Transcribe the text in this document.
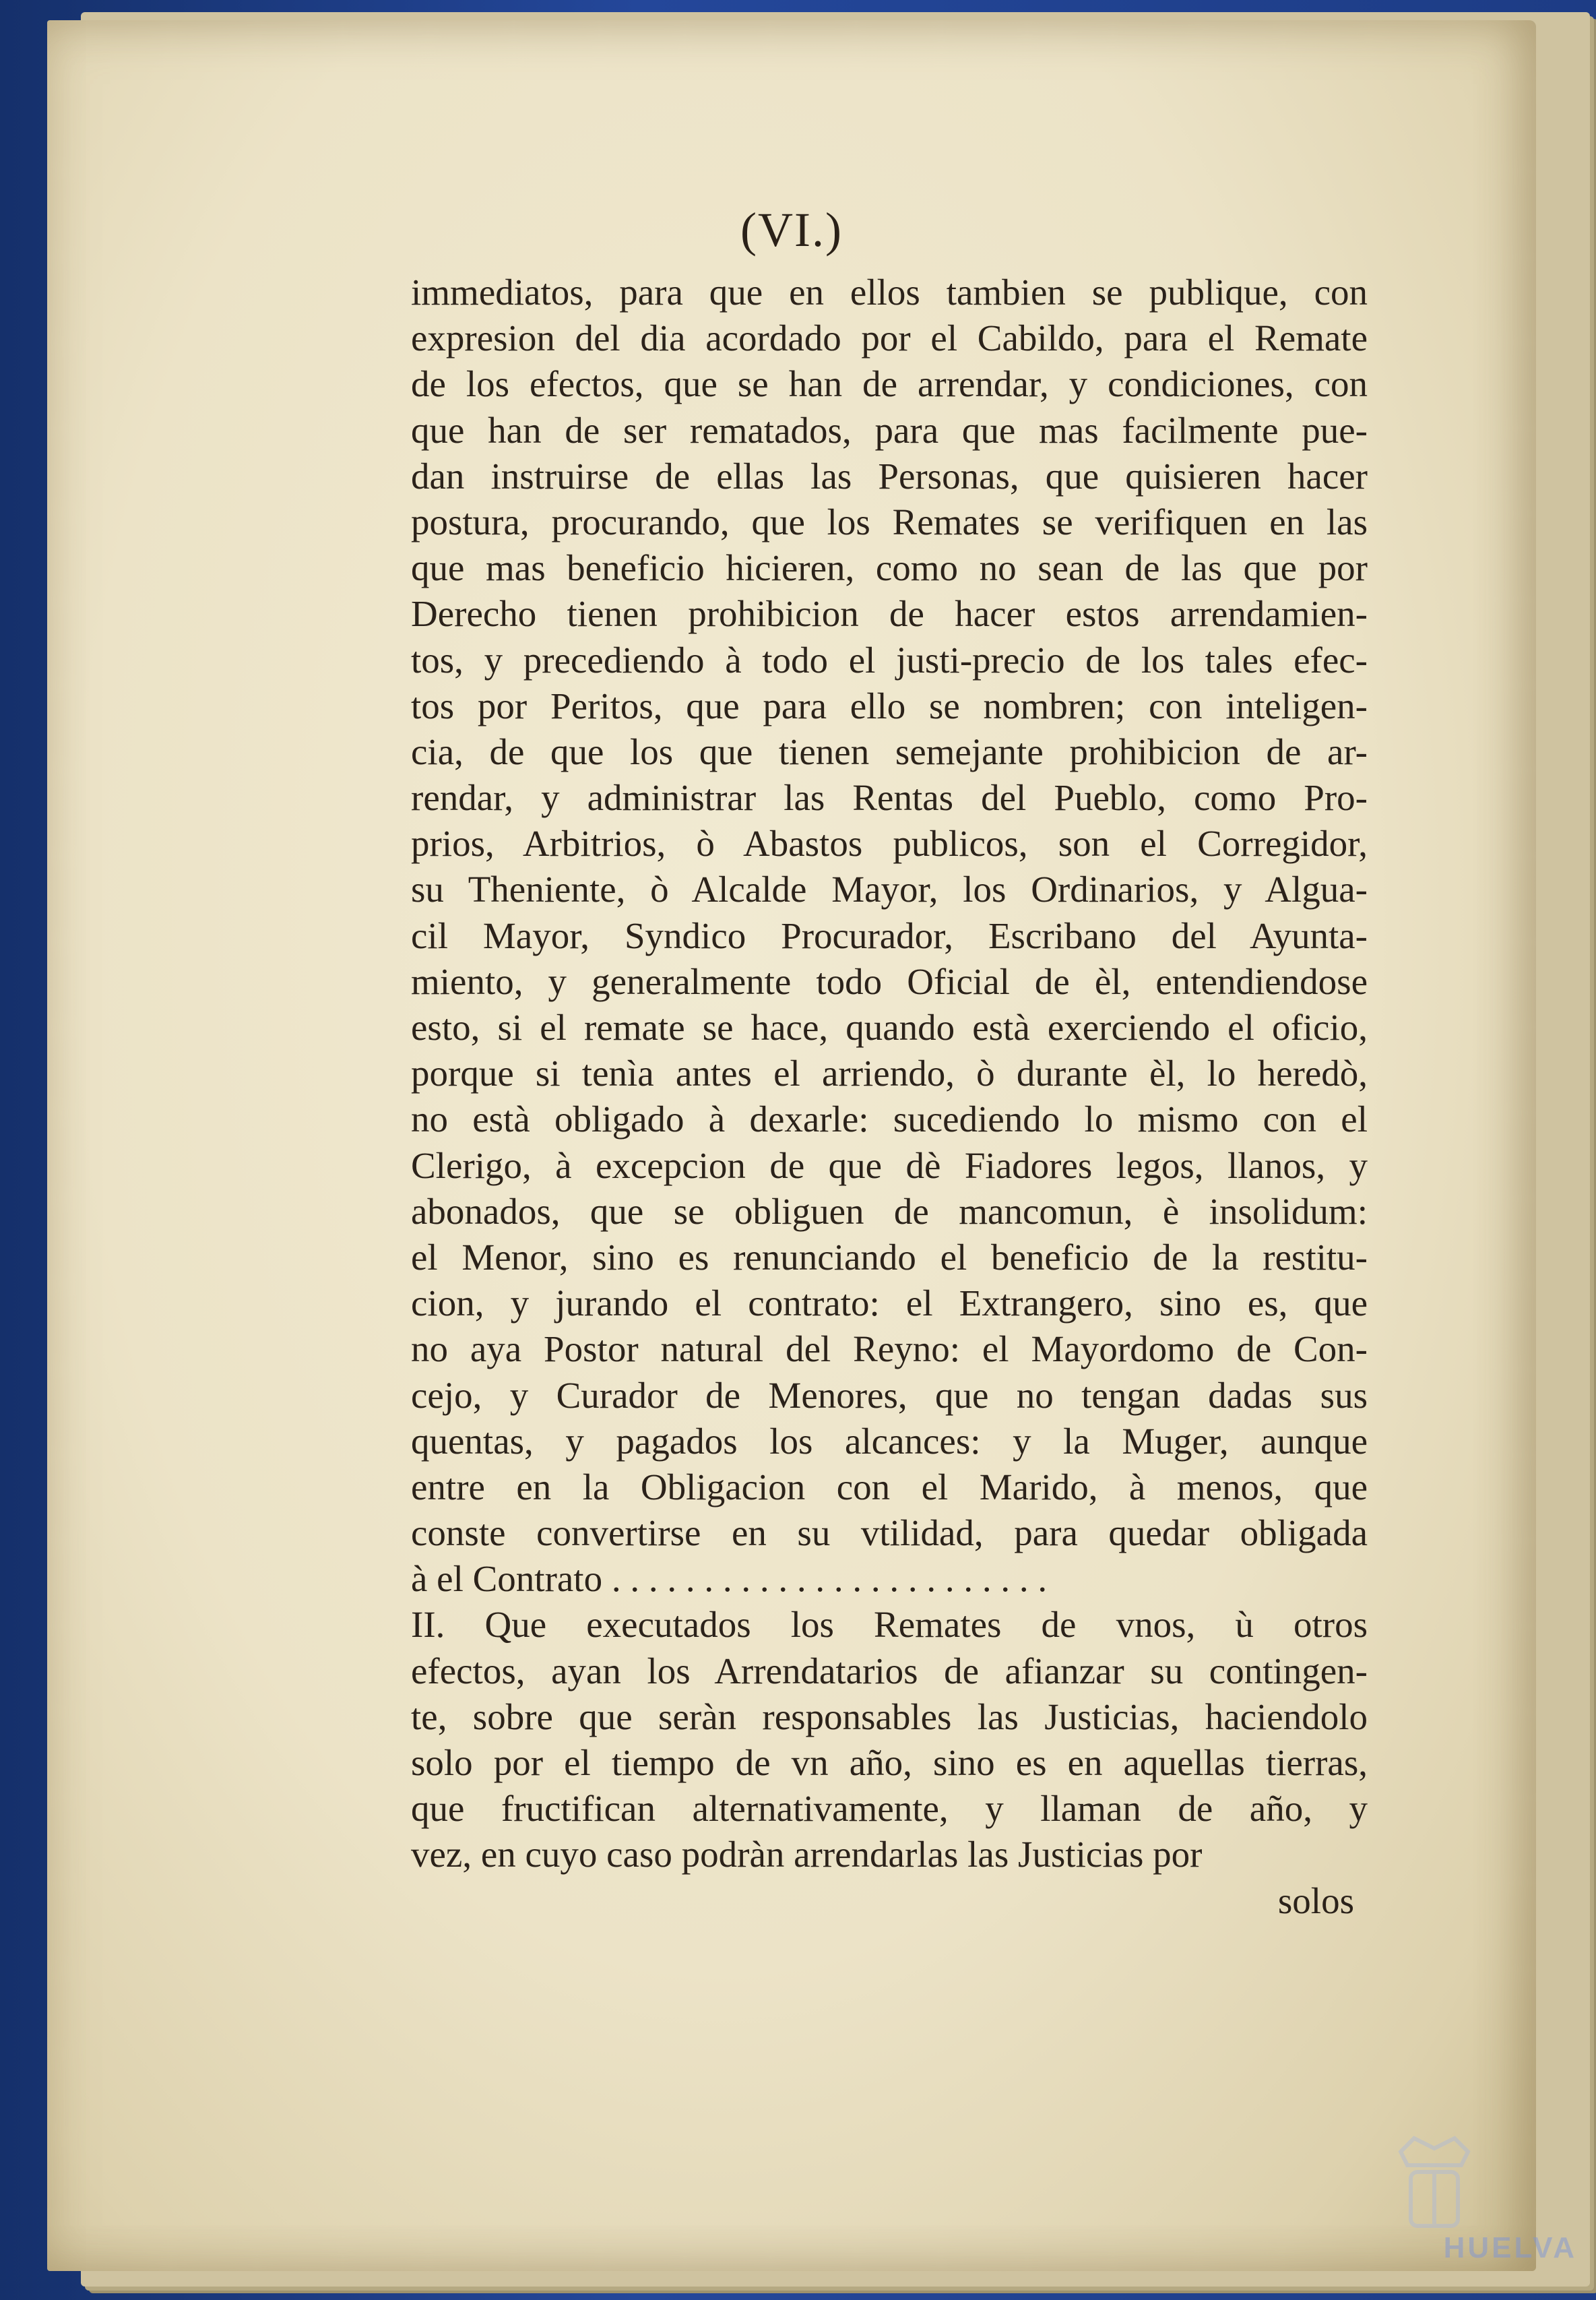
(VI.)
immediatos, para que en ellos tambien se publique, con
expresion del dia acordado por el Cabildo, para el Remate
de los efectos, que se han de arrendar, y condiciones, con
que han de ser rematados, para que mas facilmente pue-
dan instruirse de ellas las Personas, que quisieren hacer
postura, procurando, que los Remates se verifiquen en las
que mas beneficio hicieren, como no sean de las que por
Derecho tienen prohibicion de hacer estos arrendamien-
tos, y precediendo à todo el justi-precio de los tales efec-
tos por Peritos, que para ello se nombren; con inteligen-
cia, de que los que tienen semejante prohibicion de ar-
rendar, y administrar las Rentas del Pueblo, como Pro-
prios, Arbitrios, ò Abastos publicos, son el Corregidor,
su Theniente, ò Alcalde Mayor, los Ordinarios, y Algua-
cil Mayor, Syndico Procurador, Escribano del Ayunta-
miento, y generalmente todo Oficial de èl, entendiendose
esto, si el remate se hace, quando està exerciendo el oficio,
porque si tenìa antes el arriendo, ò durante èl, lo heredò,
no està obligado à dexarle: sucediendo lo mismo con el
Clerigo, à excepcion de que dè Fiadores legos, llanos, y
abonados, que se obliguen de mancomun, è insolidum:
el Menor, sino es renunciando el beneficio de la restitu-
cion, y jurando el contrato: el Extrangero, sino es, que
no aya Postor natural del Reyno: el Mayordomo de Con-
cejo, y Curador de Menores, que no tengan dadas sus
quentas, y pagados los alcances: y la Muger, aunque
entre en la Obligacion con el Marido, à menos, que
conste convertirse en su vtilidad, para quedar obligada
à el Contrato . . . . . . . . . . . . . . . . . . . . . . . .
II. Que executados los Remates de vnos, ù otros
efectos, ayan los Arrendatarios de afianzar su contingen-
te, sobre que seràn responsables las Justicias, haciendolo
solo por el tiempo de vn año, sino es en aquellas tierras,
que fructifican alternativamente, y llaman de año, y
vez, en cuyo caso podràn arrendarlas las Justicias por
solos
HUELVA
